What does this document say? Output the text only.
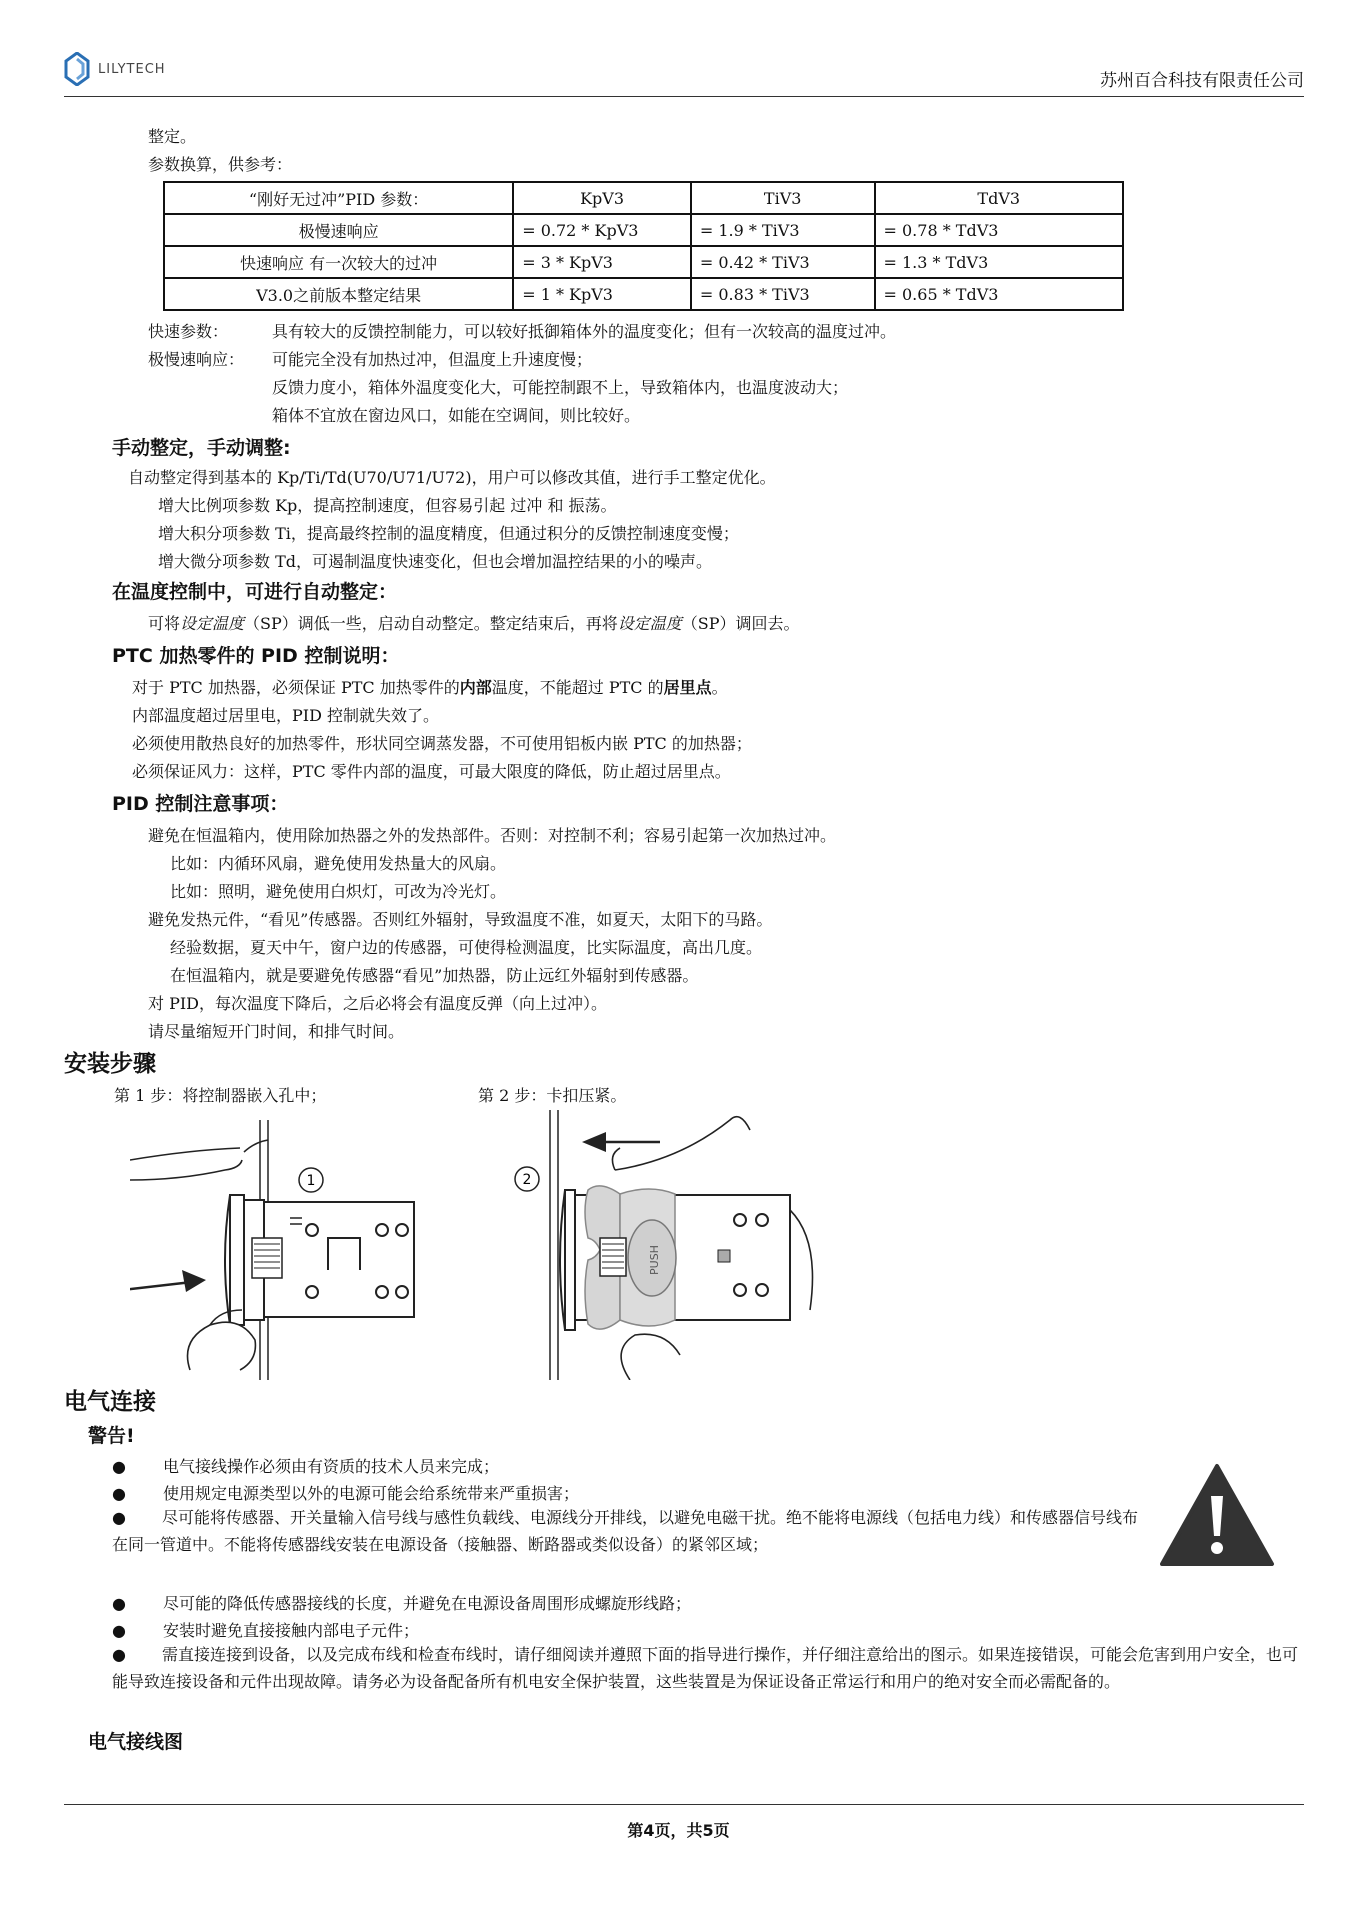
LILYTECH
苏州百合科技有限责任公司
整定。
参数换算，供参考：
“刚好无过冲”PID 参数：	KpV3	TiV3	TdV3
极慢速响应	= 0.72 * KpV3	= 1.9 * TiV3	= 0.78 * TdV3
快速响应 有一次较大的过冲	= 3 * KpV3	= 0.42 * TiV3	= 1.3 * TdV3
V3.0之前版本整定结果	= 1 * KpV3	= 0.83 * TiV3	= 0.65 * TdV3
快速参数：	具有较大的反馈控制能力，可以较好抵御箱体外的温度变化；但有一次较高的温度过冲。
极慢速响应： 可能完全没有加热过冲，但温度上升速度慢；
反馈力度小，箱体外温度变化大，可能控制跟不上，导致箱体内，也温度波动大；
箱体不宜放在窗边风口，如能在空调间，则比较好。
手动整定，手动调整:
自动整定得到基本的 Kp/Ti/Td(U70/U71/U72)，用户可以修改其值，进行手工整定优化。
增大比例项参数 Kp，提高控制速度，但容易引起 过冲 和 振荡。
增大积分项参数 Ti，提高最终控制的温度精度，但通过积分的反馈控制速度变慢；
增大微分项参数 Td，可遏制温度快速变化，但也会增加温控结果的小的噪声。
在温度控制中，可进行自动整定：
可将设定温度（SP）调低一些，启动自动整定。整定结束后，再将设定温度（SP）调回去。
PTC 加热零件的 PID 控制说明：
对于 PTC 加热器，必须保证 PTC 加热零件的内部温度，不能超过 PTC 的居里点。
内部温度超过居里电，PID 控制就失效了。
必须使用散热良好的加热零件，形状同空调蒸发器，不可使用铝板内嵌 PTC 的加热器；
必须保证风力：这样，PTC 零件内部的温度，可最大限度的降低，防止超过居里点。
PID 控制注意事项：
避免在恒温箱内，使用除加热器之外的发热部件。否则：对控制不利；容易引起第一次加热过冲。
比如：内循环风扇，避免使用发热量大的风扇。
比如：照明，避免使用白炽灯，可改为冷光灯。
避免发热元件，“看见”传感器。否则红外辐射，导致温度不准，如夏天，太阳下的马路。
经验数据，夏天中午，窗户边的传感器，可使得检测温度，比实际温度，高出几度。
在恒温箱内，就是要避免传感器“看见”加热器，防止远红外辐射到传感器。
对 PID，每次温度下降后，之后必将会有温度反弹（向上过冲）。
请尽量缩短开门时间，和排气时间。
安装步骤
第 1 步：将控制器嵌入孔中；	第 2 步：卡扣压紧。
1
PUSH
2
电气连接
警告!
●	电气接线操作必须由有资质的技术人员来完成；
●	使用规定电源类型以外的电源可能会给系统带来严重损害；
● 尽可能将传感器、开关量输入信号线与感性负载线、电源线分开排线，以避免电磁干扰。绝不能将电源线（包括电力线）和传感器信号线布在同一管道中。不能将传感器线安装在电源设备（接触器、断路器或类似设备）的紧邻区域；
●	尽可能的降低传感器接线的长度，并避免在电源设备周围形成螺旋形线路；
●	安装时避免直接接触内部电子元件；
● 需直接连接到设备，以及完成布线和检查布线时，请仔细阅读并遵照下面的指导进行操作，并仔细注意给出的图示。如果连接错误，可能会危害到用户安全，也可能导致连接设备和元件出现故障。请务必为设备配备所有机电安全保护装置，这些装置是为保证设备正常运行和用户的绝对安全而必需配备的。
电气接线图
第4页，共5页
